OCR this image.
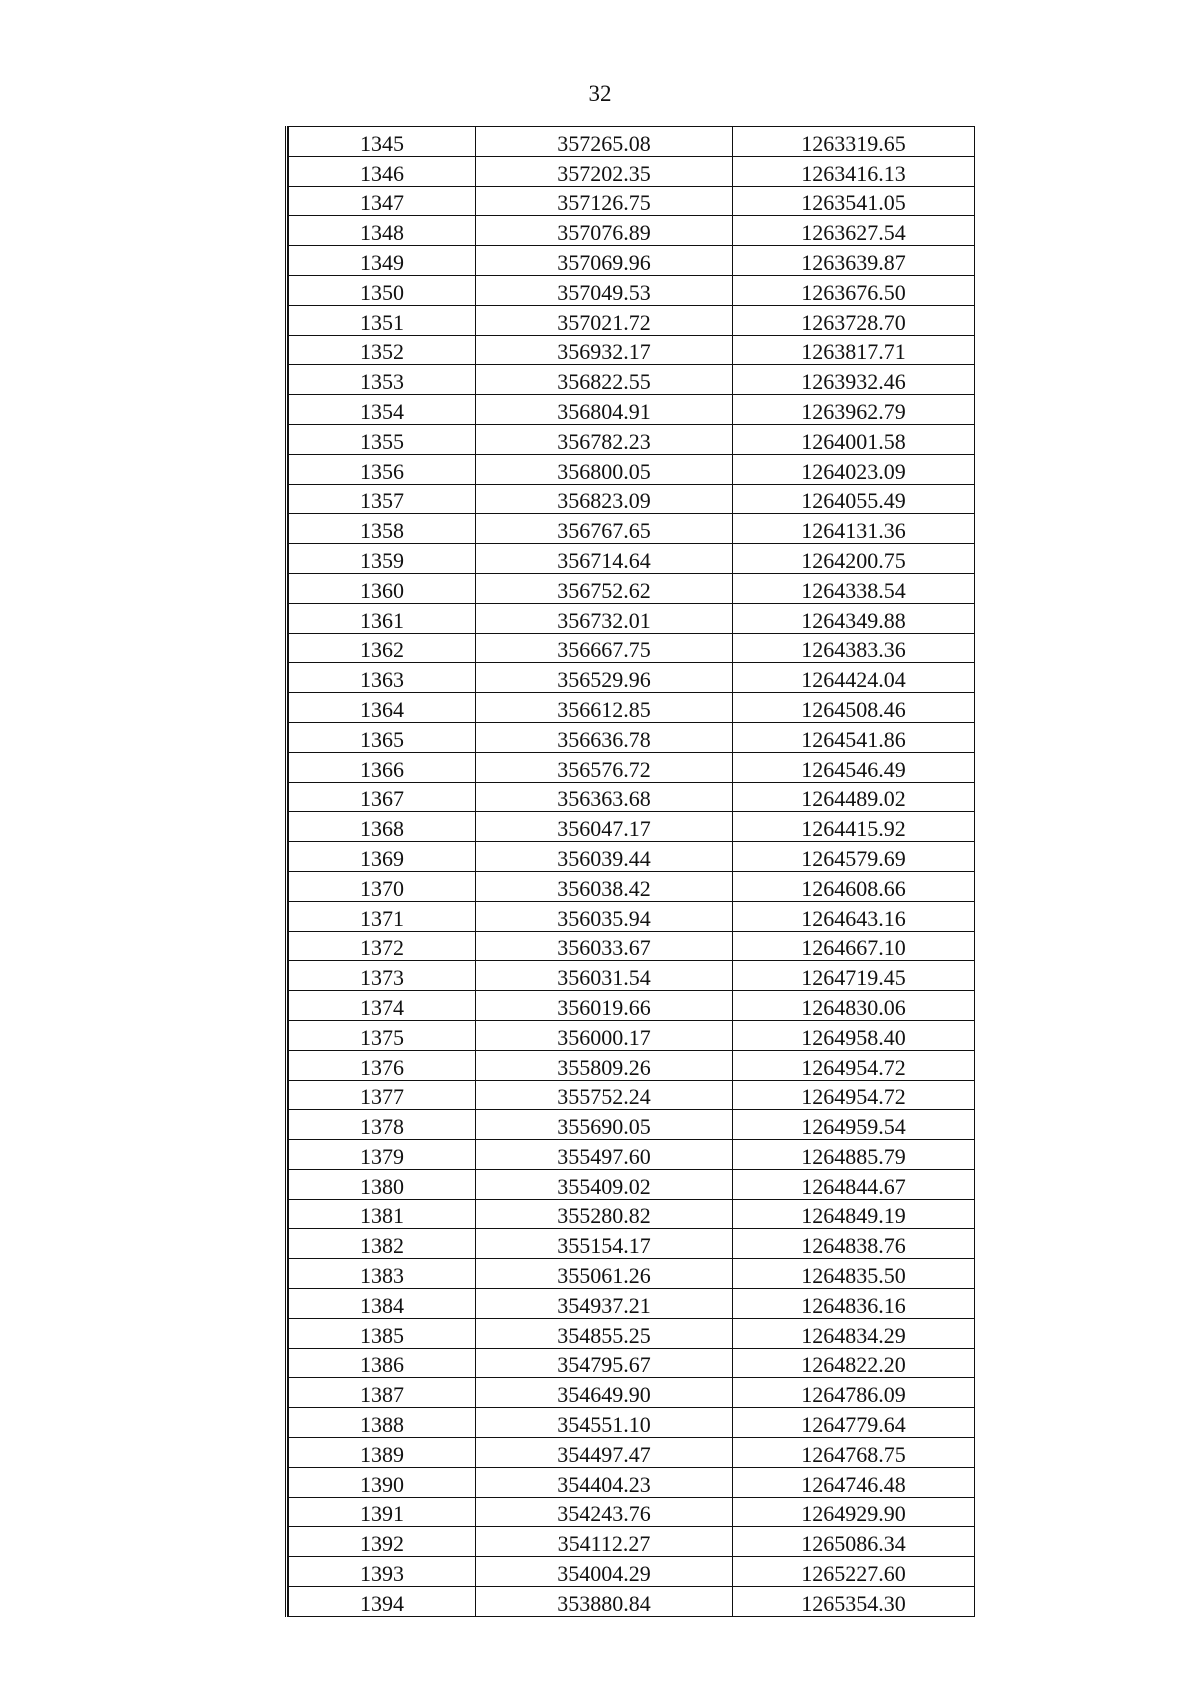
32
1345	357265.08	1263319.65
1346	357202.35	1263416.13
1347	357126.75	1263541.05
1348	357076.89	1263627.54
1349	357069.96	1263639.87
1350	357049.53	1263676.50
1351	357021.72	1263728.70
1352	356932.17	1263817.71
1353	356822.55	1263932.46
1354	356804.91	1263962.79
1355	356782.23	1264001.58
1356	356800.05	1264023.09
1357	356823.09	1264055.49
1358	356767.65	1264131.36
1359	356714.64	1264200.75
1360	356752.62	1264338.54
1361	356732.01	1264349.88
1362	356667.75	1264383.36
1363	356529.96	1264424.04
1364	356612.85	1264508.46
1365	356636.78	1264541.86
1366	356576.72	1264546.49
1367	356363.68	1264489.02
1368	356047.17	1264415.92
1369	356039.44	1264579.69
1370	356038.42	1264608.66
1371	356035.94	1264643.16
1372	356033.67	1264667.10
1373	356031.54	1264719.45
1374	356019.66	1264830.06
1375	356000.17	1264958.40
1376	355809.26	1264954.72
1377	355752.24	1264954.72
1378	355690.05	1264959.54
1379	355497.60	1264885.79
1380	355409.02	1264844.67
1381	355280.82	1264849.19
1382	355154.17	1264838.76
1383	355061.26	1264835.50
1384	354937.21	1264836.16
1385	354855.25	1264834.29
1386	354795.67	1264822.20
1387	354649.90	1264786.09
1388	354551.10	1264779.64
1389	354497.47	1264768.75
1390	354404.23	1264746.48
1391	354243.76	1264929.90
1392	354112.27	1265086.34
1393	354004.29	1265227.60
1394	353880.84	1265354.30
